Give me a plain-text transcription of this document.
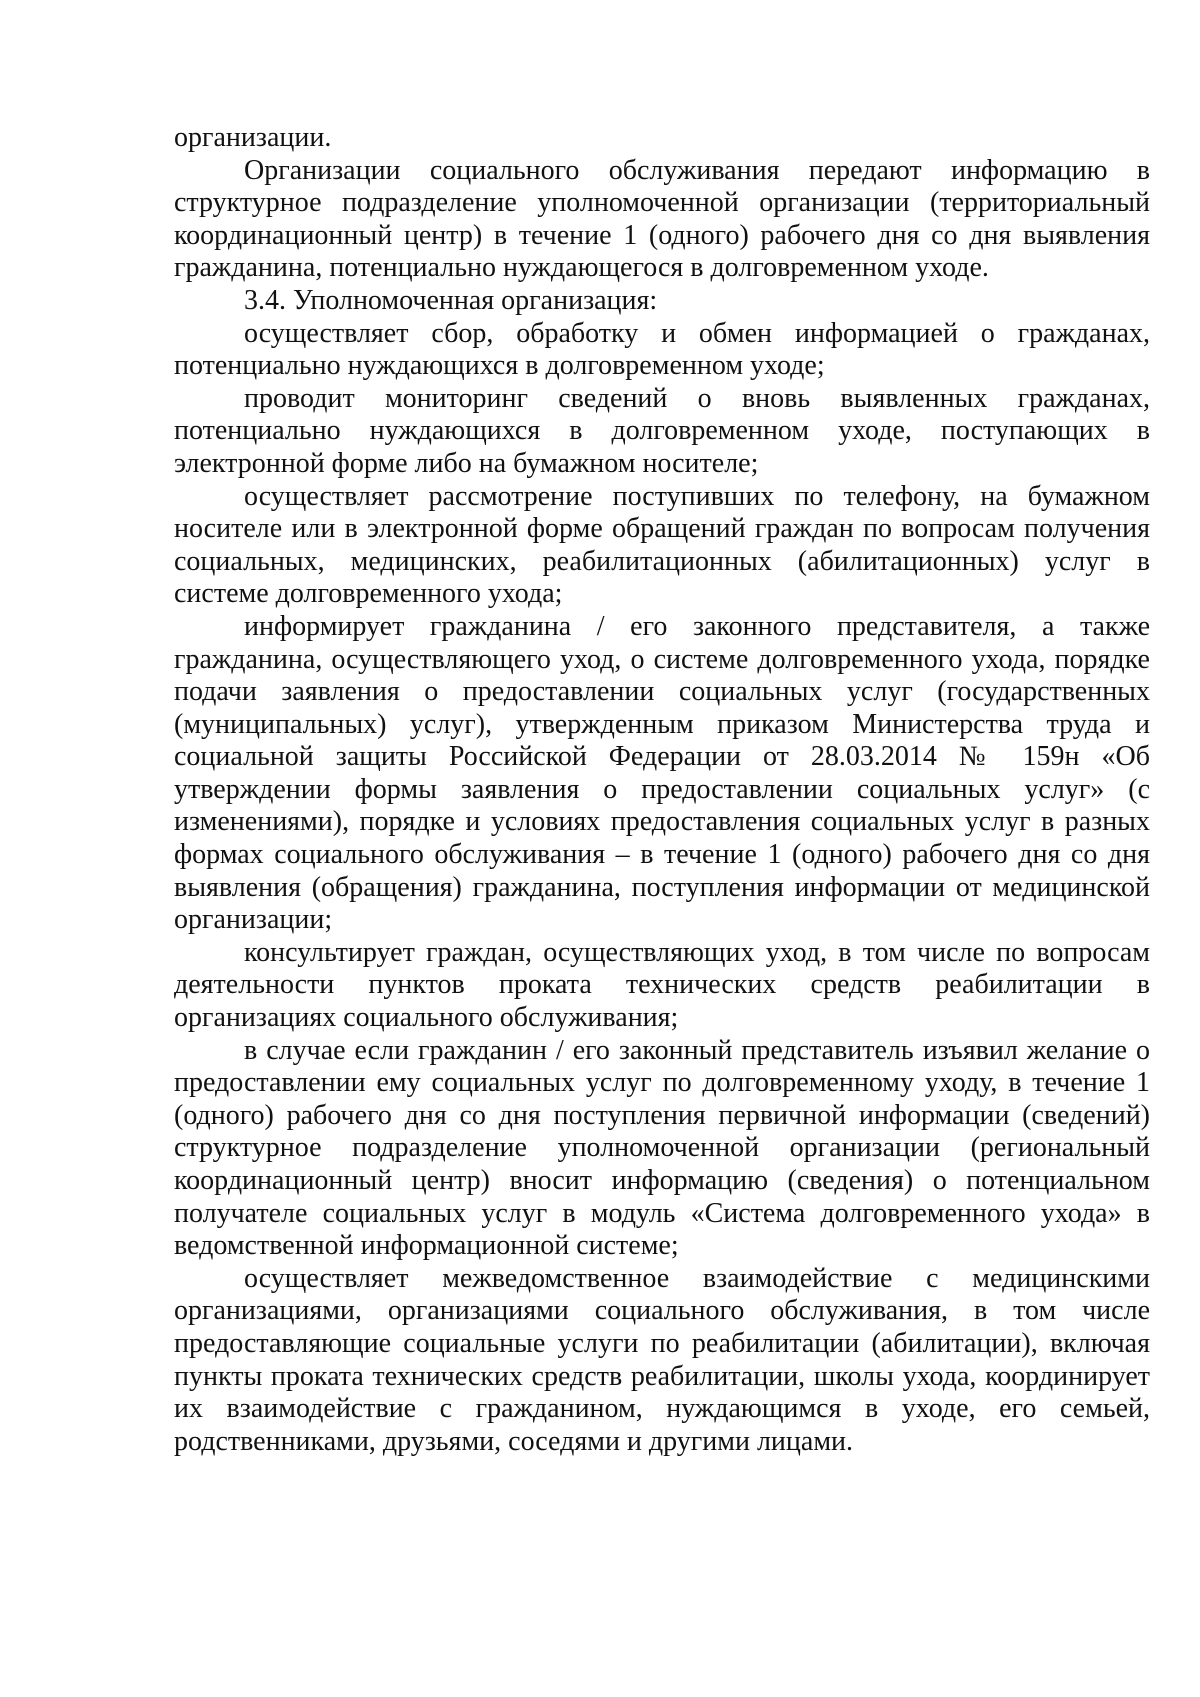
организации.

Организации социального обслуживания передают информацию в структурное подразделение уполномоченной организации (территориальный координационный центр) в течение 1 (одного) рабочего дня со дня выявления гражданина, потенциально нуждающегося в долговременном уходе.

3.4. Уполномоченная организация:

осуществляет сбор, обработку и обмен информацией о гражданах, потенциально нуждающихся в долговременном уходе;

проводит мониторинг сведений о вновь выявленных гражданах, потенциально нуждающихся в долговременном уходе, поступающих в электронной форме либо на бумажном носителе;

осуществляет рассмотрение поступивших по телефону, на бумажном носителе или в электронной форме обращений граждан по вопросам получения социальных, медицинских, реабилитационных (абилитационных) услуг в системе долговременного ухода;

информирует гражданина / его законного представителя, а также гражданина, осуществляющего уход, о системе долговременного ухода, порядке подачи заявления о предоставлении социальных услуг (государственных (муниципальных) услуг), утвержденным приказом Министерства труда и социальной защиты Российской Федерации от 28.03.2014 № 159н «Об утверждении формы заявления о предоставлении социальных услуг» (с изменениями), порядке и условиях предоставления социальных услуг в разных формах социального обслуживания – в течение 1 (одного) рабочего дня со дня выявления (обращения) гражданина, поступления информации от медицинской организации;

консультирует граждан, осуществляющих уход, в том числе по вопросам деятельности пунктов проката технических средств реабилитации в организациях социального обслуживания;

в случае если гражданин / его законный представитель изъявил желание о предоставлении ему социальных услуг по долговременному уходу, в течение 1 (одного) рабочего дня со дня поступления первичной информации (сведений) структурное подразделение уполномоченной организации (региональный координационный центр) вносит информацию (сведения) о потенциальном получателе социальных услуг в модуль «Система долговременного ухода» в ведомственной информационной системе;

осуществляет межведомственное взаимодействие с медицинскими организациями, организациями социального обслуживания, в том числе предоставляющие социальные услуги по реабилитации (абилитации), включая пункты проката технических средств реабилитации, школы ухода, координирует их взаимодействие с гражданином, нуждающимся в уходе, его семьей, родственниками, друзьями, соседями и другими лицами.
